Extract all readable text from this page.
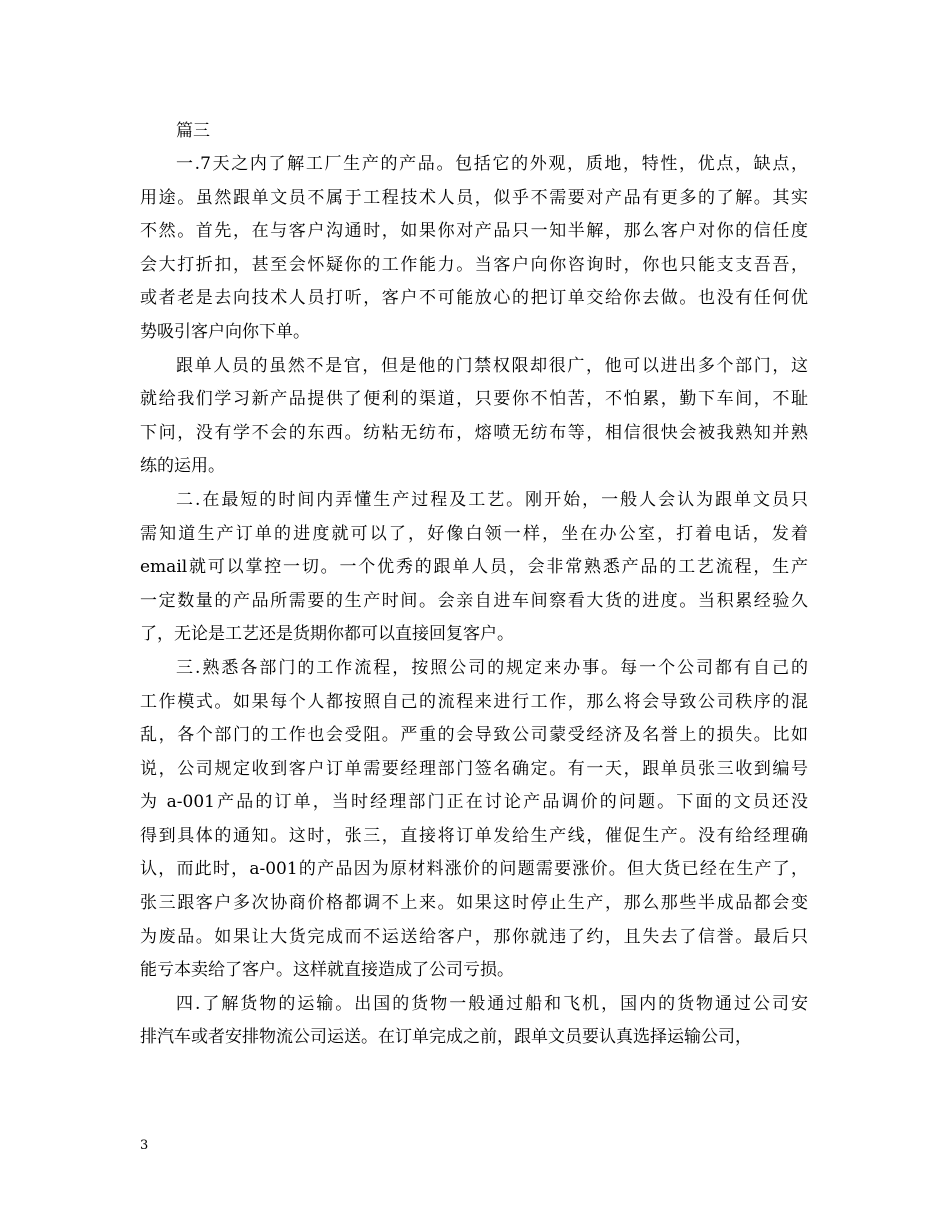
篇三
一.7天之内了解工厂生产的产品。包括它的外观，质地，特性，优点，缺点，
用途。虽然跟单文员不属于工程技术人员，似乎不需要对产品有更多的了解。其实
不然。首先，在与客户沟通时，如果你对产品只一知半解，那么客户对你的信任度
会大打折扣，甚至会怀疑你的工作能力。当客户向你咨询时，你也只能支支吾吾，
或者老是去向技术人员打听，客户不可能放心的把订单交给你去做。也没有任何优
势吸引客户向你下单。
跟单人员的虽然不是官，但是他的门禁权限却很广，他可以进出多个部门，这
就给我们学习新产品提供了便利的渠道，只要你不怕苦，不怕累，勤下车间，不耻
下问，没有学不会的东西。纺粘无纺布，熔喷无纺布等，相信很快会被我熟知并熟
练的运用。
二.在最短的时间内弄懂生产过程及工艺。刚开始，一般人会认为跟单文员只
需知道生产订单的进度就可以了，好像白领一样，坐在办公室，打着电话，发着
email就可以掌控一切。一个优秀的跟单人员，会非常熟悉产品的工艺流程，生产
一定数量的产品所需要的生产时间。会亲自进车间察看大货的进度。当积累经验久
了，无论是工艺还是货期你都可以直接回复客户。
三.熟悉各部门的工作流程，按照公司的规定来办事。每一个公司都有自己的
工作模式。如果每个人都按照自己的流程来进行工作，那么将会导致公司秩序的混
乱，各个部门的工作也会受阻。严重的会导致公司蒙受经济及名誉上的损失。比如
说，公司规定收到客户订单需要经理部门签名确定。有一天，跟单员张三收到编号
为 a-001产品的订单，当时经理部门正在讨论产品调价的问题。下面的文员还没
得到具体的通知。这时，张三，直接将订单发给生产线，催促生产。没有给经理确
认，而此时，a-001的产品因为原材料涨价的问题需要涨价。但大货已经在生产了，
张三跟客户多次协商价格都调不上来。如果这时停止生产，那么那些半成品都会变
为废品。如果让大货完成而不运送给客户，那你就违了约，且失去了信誉。最后只
能亏本卖给了客户。这样就直接造成了公司亏损。
四.了解货物的运输。出国的货物一般通过船和飞机，国内的货物通过公司安
排汽车或者安排物流公司运送。在订单完成之前，跟单文员要认真选择运输公司，
3
